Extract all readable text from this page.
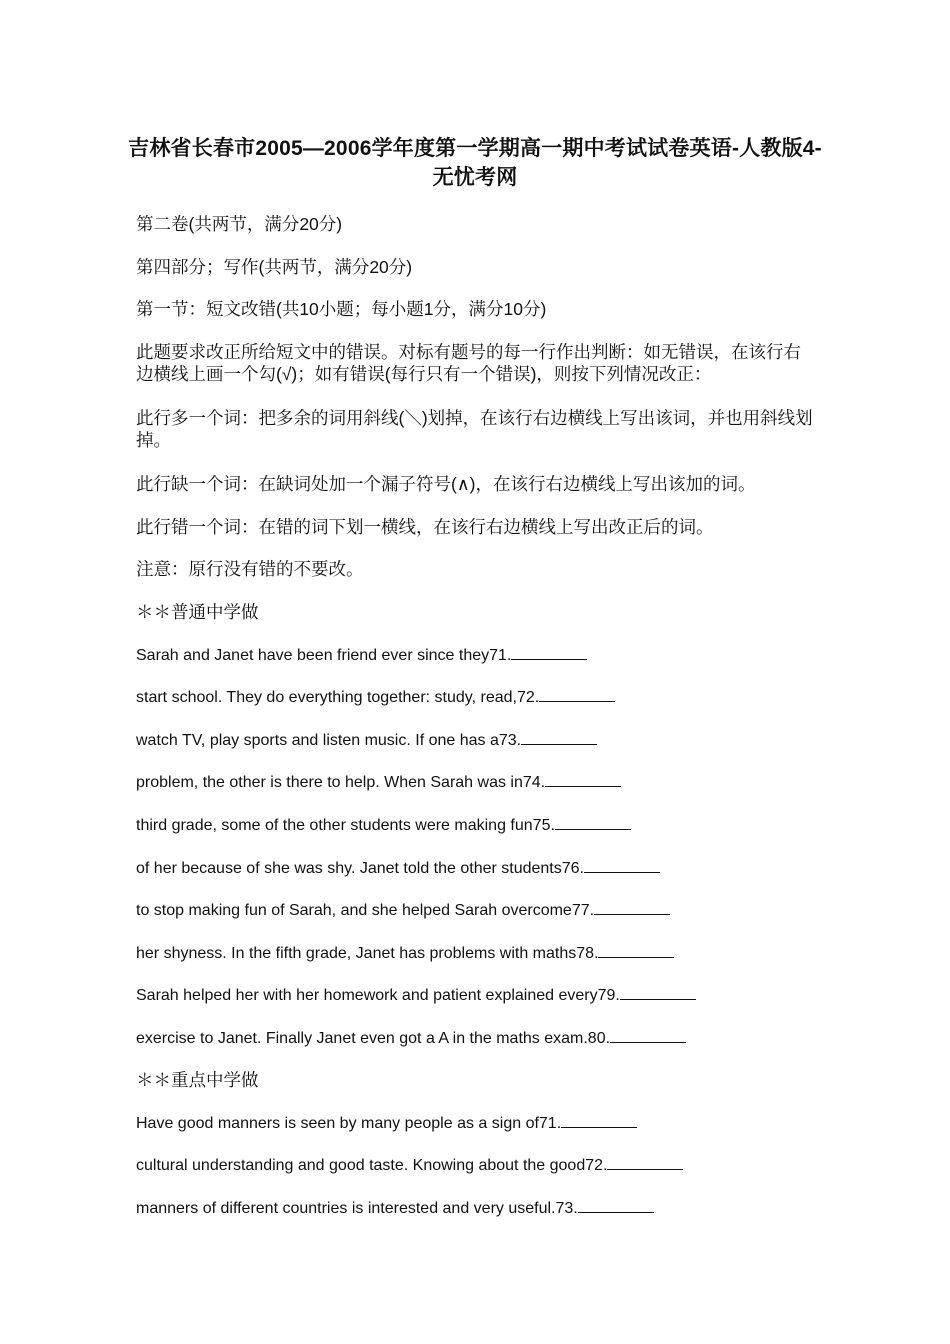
吉林省长春市2005—2006学年度第一学期高一期中考试试卷英语-人教版4-无忧考网
第二卷(共两节，满分20分)
第四部分；写作(共两节，满分20分)
第一节：短文改错(共10小题；每小题1分，满分10分)
此题要求改正所给短文中的错误。对标有题号的每一行作出判断：如无错误，在该行右边横线上画一个勾(√)；如有错误(每行只有一个错误)，则按下列情况改正：
此行多一个词：把多余的词用斜线(＼)划掉，在该行右边横线上写出该词，并也用斜线划掉。
此行缺一个词：在缺词处加一个漏子符号(∧)，在该行右边横线上写出该加的词。
此行错一个词：在错的词下划一横线，在该行右边横线上写出改正后的词。
注意：原行没有错的不要改。
＊＊普通中学做
Sarah and Janet have been friend ever since they71.
start school. They do everything together: study, read,72.
watch TV, play sports and listen music. If one has a73.
problem, the other is there to help. When Sarah was in74.
third grade, some of the other students were making fun75.
of her because of she was shy. Janet told the other students76.
to stop making fun of Sarah, and she helped Sarah overcome77.
her shyness. In the fifth grade, Janet has problems with maths78.
Sarah helped her with her homework and patient explained every79.
exercise to Janet. Finally Janet even got a A in the maths exam.80.
＊＊重点中学做
Have good manners is seen by many people as a sign of71.
cultural understanding and good taste. Knowing about the good72.
manners of different countries is interested and very useful.73.
